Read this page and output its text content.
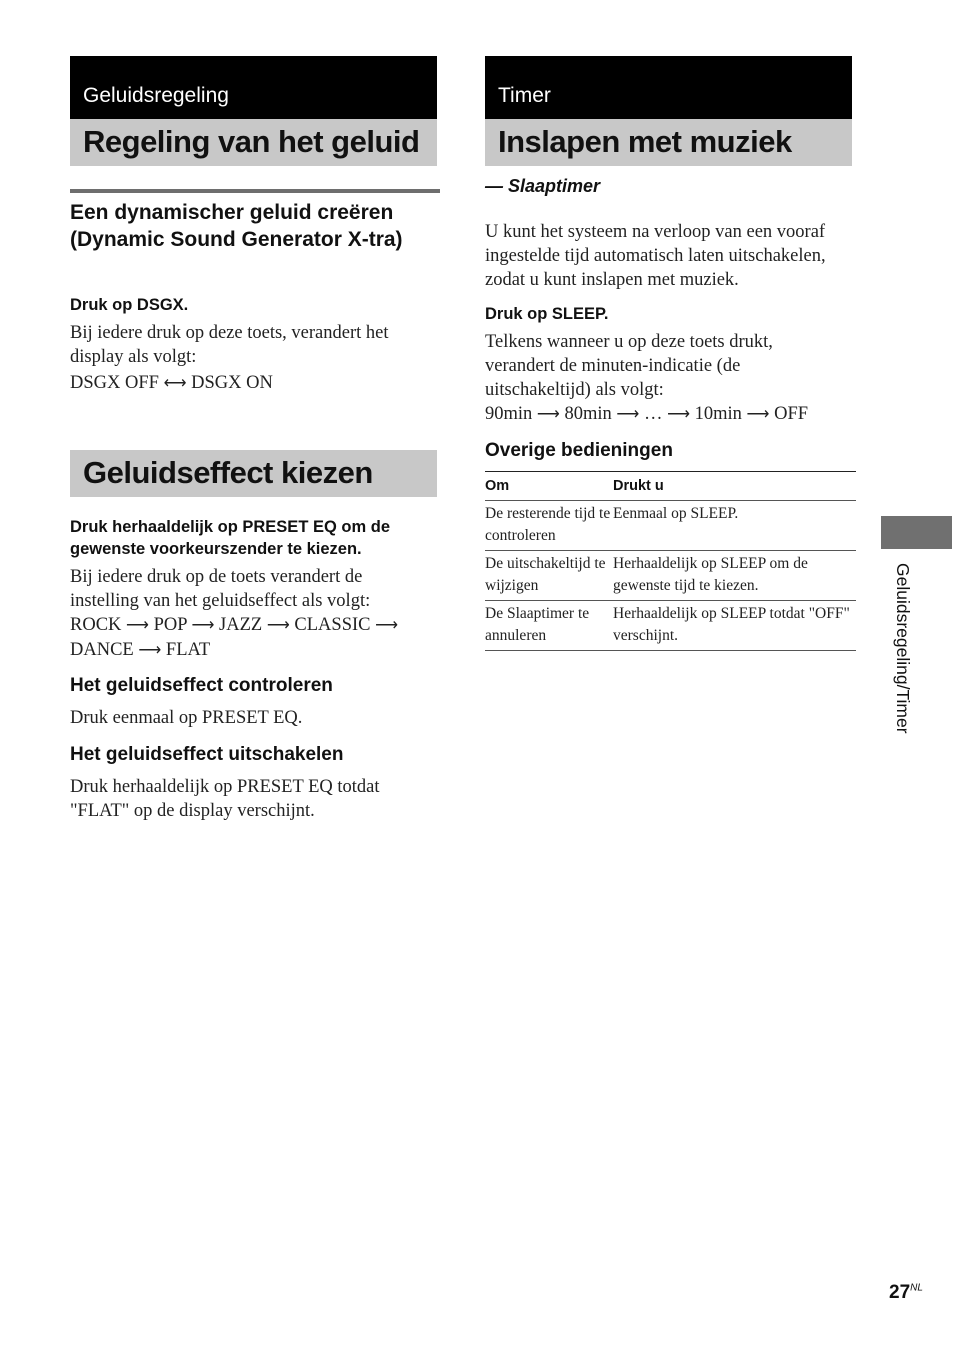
Geluidsregeling
Regeling van het geluid
Een dynamischer geluid creëren (Dynamic Sound Generator X-tra)
Druk op DSGX.
Bij iedere druk op deze toets, verandert het display als volgt:
DSGX OFF ⟷ DSGX ON
Geluidseffect kiezen
Druk herhaaldelijk op PRESET EQ om de gewenste voorkeurszender te kiezen.
Bij iedere druk op de toets verandert de instelling van het geluidseffect als volgt:
ROCK ⟶ POP ⟶ JAZZ ⟶ CLASSIC ⟶
DANCE ⟶ FLAT
Het geluidseffect controleren
Druk eenmaal op PRESET EQ.
Het geluidseffect uitschakelen
Druk herhaaldelijk op PRESET EQ totdat "FLAT" op de display verschijnt.
Timer
Inslapen met muziek
— Slaaptimer
U kunt het systeem na verloop van een vooraf ingestelde tijd automatisch laten uitschakelen, zodat u kunt inslapen met muziek.
Druk op SLEEP.
Telkens wanneer u op deze toets drukt, verandert de minuten-indicatie (de uitschakeltijd) als volgt:
90min ⟶ 80min ⟶ … ⟶ 10min ⟶ OFF
Overige bedieningen
Om	Drukt u
De resterende tijd te controleren	Eenmaal op SLEEP.
De uitschakeltijd te wijzigen	Herhaaldelijk op SLEEP om de gewenste tijd te kiezen.
De Slaaptimer te annuleren	Herhaaldelijk op SLEEP totdat "OFF" verschijnt.	Geluidsregeling/Timer
$27^{NL}$
